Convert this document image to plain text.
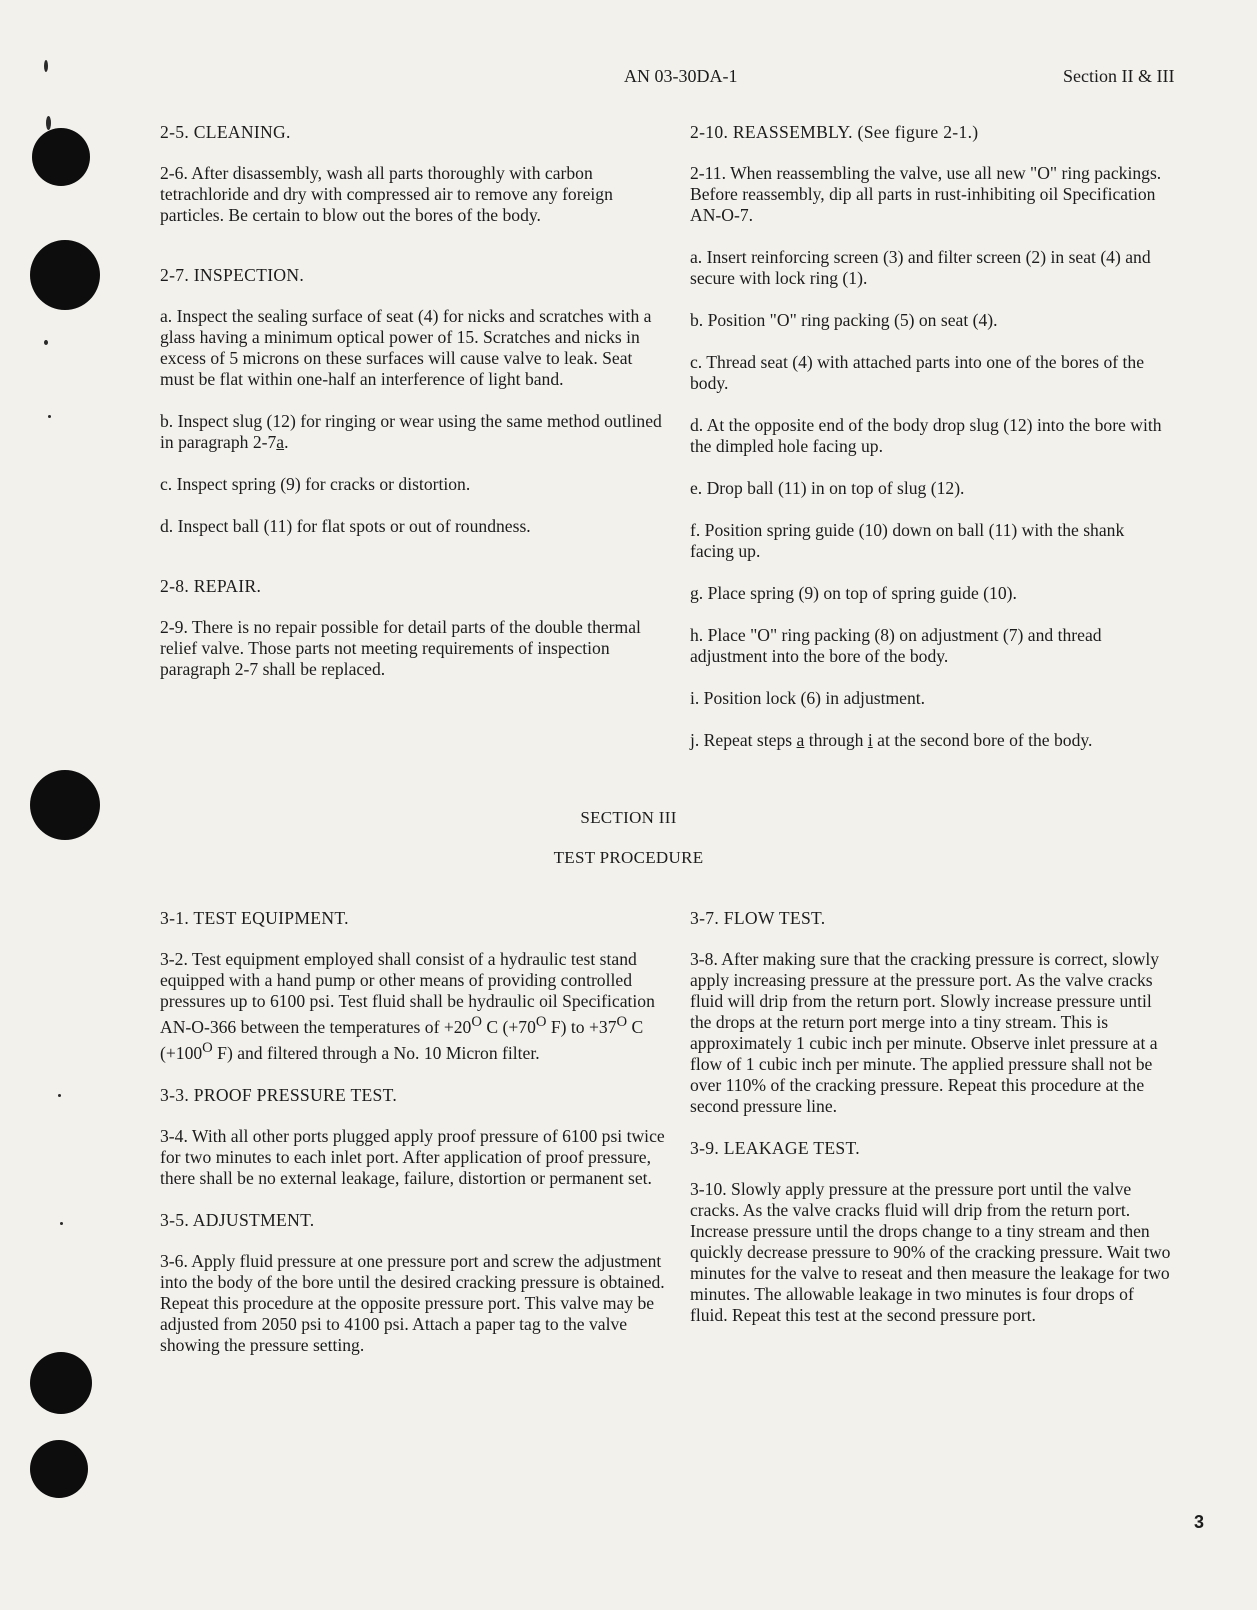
AN 03-30DA-1	Section II & III

2-5. CLEANING.

2-6. After disassembly, wash all parts thoroughly with carbon tetrachloride and dry with compressed air to remove any foreign particles. Be certain to blow out the bores of the body.

2-7. INSPECTION.

a. Inspect the sealing surface of seat (4) for nicks and scratches with a glass having a minimum optical power of 15. Scratches and nicks in excess of 5 microns on these surfaces will cause valve to leak. Seat must be flat within one-half an interference of light band.

b. Inspect slug (12) for ringing or wear using the same method outlined in paragraph 2-7a.

c. Inspect spring (9) for cracks or distortion.

d. Inspect ball (11) for flat spots or out of roundness.

2-8. REPAIR.

2-9. There is no repair possible for detail parts of the double thermal relief valve. Those parts not meeting requirements of inspection paragraph 2-7 shall be replaced.

2-10. REASSEMBLY. (See figure 2-1.)

2-11. When reassembling the valve, use all new "O" ring packings. Before reassembly, dip all parts in rust-inhibiting oil Specification AN-O-7.

a. Insert reinforcing screen (3) and filter screen (2) in seat (4) and secure with lock ring (1).

b. Position "O" ring packing (5) on seat (4).

c. Thread seat (4) with attached parts into one of the bores of the body.

d. At the opposite end of the body drop slug (12) into the bore with the dimpled hole facing up.

e. Drop ball (11) in on top of slug (12).

f. Position spring guide (10) down on ball (11) with the shank facing up.

g. Place spring (9) on top of spring guide (10).

h. Place "O" ring packing (8) on adjustment (7) and thread adjustment into the bore of the body.

i. Position lock (6) in adjustment.

j. Repeat steps a through i at the second bore of the body.

SECTION III
TEST PROCEDURE

3-1. TEST EQUIPMENT.

3-2. Test equipment employed shall consist of a hydraulic test stand equipped with a hand pump or other means of providing controlled pressures up to 6100 psi. Test fluid shall be hydraulic oil Specification AN-O-366 between the temperatures of $+20^O$ C ($+70^O$ F) to $+37^O$ C ($+100^O$ F) and filtered through a No. 10 Micron filter.

3-3. PROOF PRESSURE TEST.

3-4. With all other ports plugged apply proof pressure of 6100 psi twice for two minutes to each inlet port. After application of proof pressure, there shall be no external leakage, failure, distortion or permanent set.

3-5. ADJUSTMENT.

3-6. Apply fluid pressure at one pressure port and screw the adjustment into the body of the bore until the desired cracking pressure is obtained. Repeat this procedure at the opposite pressure port. This valve may be adjusted from 2050 psi to 4100 psi. Attach a paper tag to the valve showing the pressure setting.

3-7. FLOW TEST.

3-8. After making sure that the cracking pressure is correct, slowly apply increasing pressure at the pressure port. As the valve cracks fluid will drip from the return port. Slowly increase pressure until the drops at the return port merge into a tiny stream. This is approximately 1 cubic inch per minute. Observe inlet pressure at a flow of 1 cubic inch per minute. The applied pressure shall not be over 110% of the cracking pressure. Repeat this procedure at the second pressure line.

3-9. LEAKAGE TEST.

3-10. Slowly apply pressure at the pressure port until the valve cracks. As the valve cracks fluid will drip from the return port. Increase pressure until the drops change to a tiny stream and then quickly decrease pressure to 90% of the cracking pressure. Wait two minutes for the valve to reseat and then measure the leakage for two minutes. The allowable leakage in two minutes is four drops of fluid. Repeat this test at the second pressure port.

3
